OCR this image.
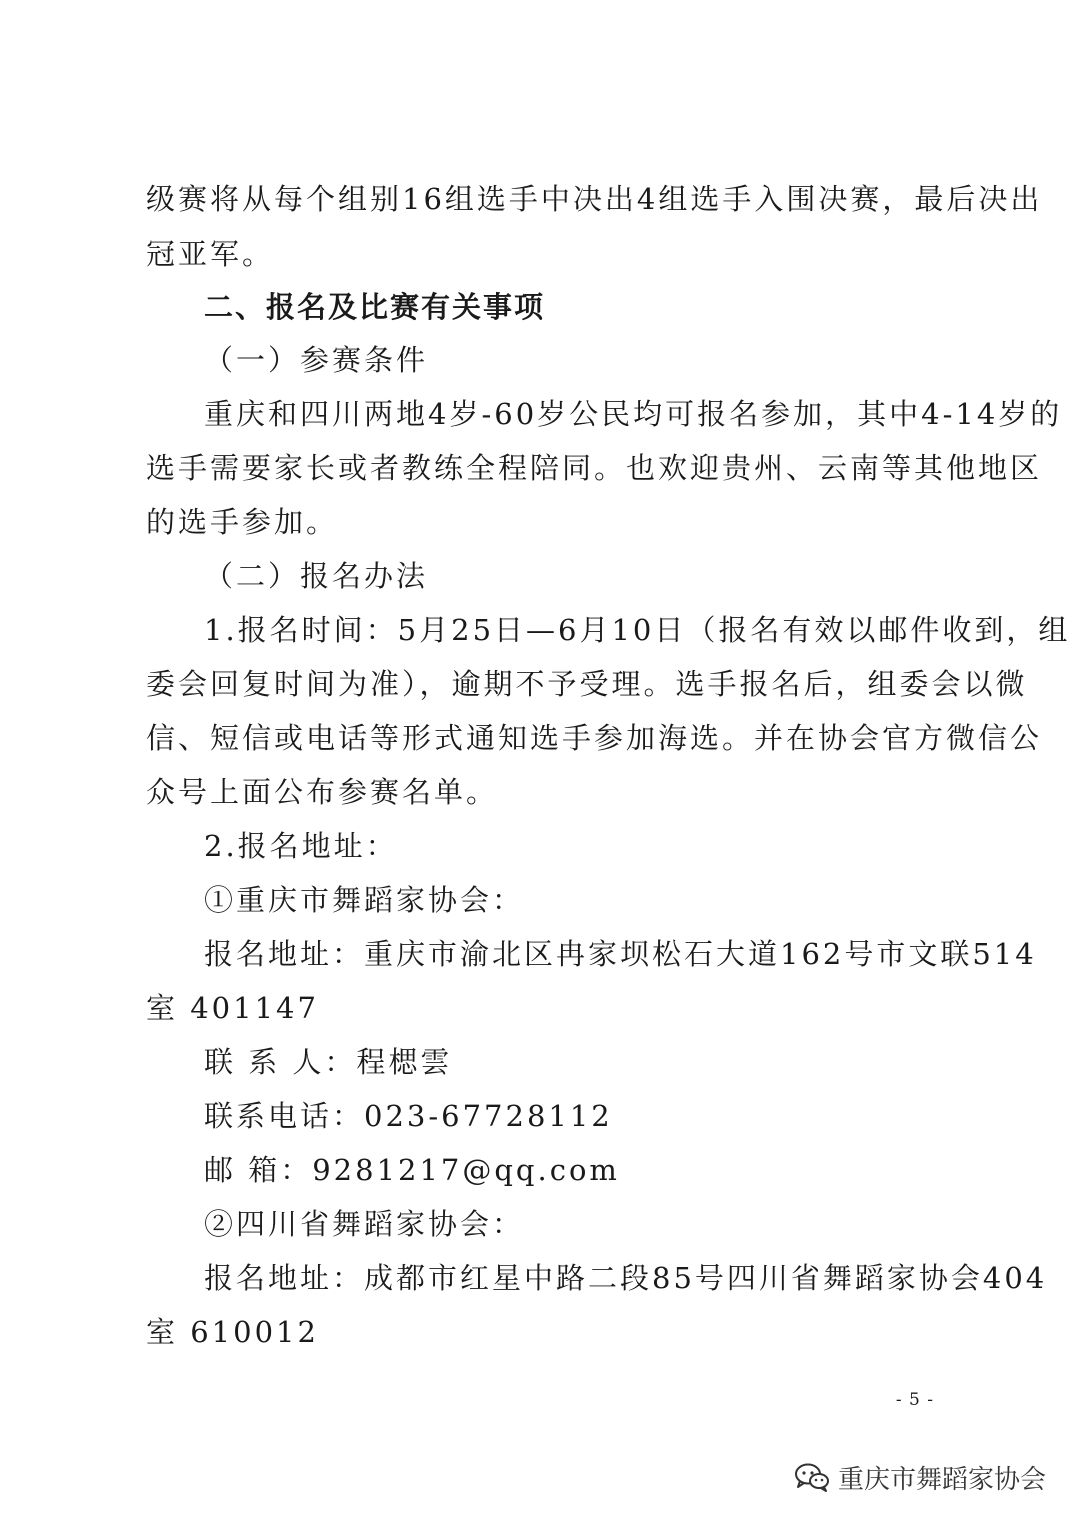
级赛将从每个组别16组选手中决出4组选手入围决赛，最后决出
冠亚军。
二、报名及比赛有关事项
（一）参赛条件
重庆和四川两地4岁-60岁公民均可报名参加，其中4-14岁的
选手需要家长或者教练全程陪同。也欢迎贵州、云南等其他地区
的选手参加。
（二）报名办法
1.报名时间：5月25日—6月10日（报名有效以邮件收到，组
委会回复时间为准），逾期不予受理。选手报名后，组委会以微
信、短信或电话等形式通知选手参加海选。并在协会官方微信公
众号上面公布参赛名单。
2.报名地址：
①重庆市舞蹈家协会：
报名地址：重庆市渝北区冉家坝松石大道162号市文联514
室 401147
联 系 人：程楒雲
联系电话：023-67728112
邮 箱：9281217@qq.com
②四川省舞蹈家协会：
报名地址：成都市红星中路二段85号四川省舞蹈家协会404
室 610012
- 5 -
重庆市舞蹈家协会
